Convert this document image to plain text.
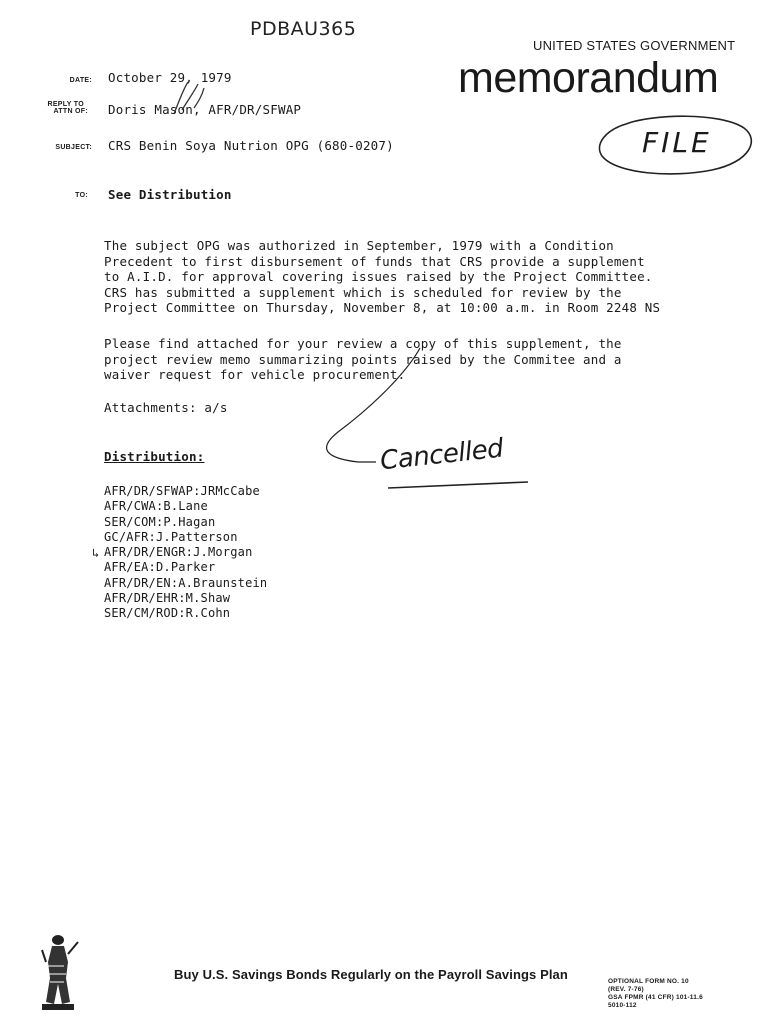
PDBAU365
UNITED STATES GOVERNMENT
memorandum
FILE
DATE:
REPLY TO
ATTN OF:
SUBJECT:
TO:
October 29, 1979
Doris Mason, AFR/DR/SFWAP
CRS Benin Soya Nutrion OPG (680-0207)
See Distribution
The subject OPG was authorized in September, 1979 with a Condition
Precedent to first disbursement of funds that CRS provide a supplement
to A.I.D. for approval covering issues raised by the Project Committee.
CRS has submitted a supplement which is scheduled for review by the
Project Committee on Thursday, November 8, at 10:00 a.m. in Room 2248 NS
Please find attached for your review a copy of this supplement, the
project review memo summarizing points raised by the Commitee and a
waiver request for vehicle procurement.
Attachments: a/s
Distribution:
AFR/DR/SFWAP:JRMcCabe
AFR/CWA:B.Lane
SER/COM:P.Hagan
GC/AFR:J.Patterson
AFR/DR/ENGR:J.Morgan
AFR/EA:D.Parker
AFR/DR/EN:A.Braunstein
AFR/DR/EHR:M.Shaw
SER/CM/ROD:R.Cohn
↳
Cancelled
Buy U.S. Savings Bonds Regularly on the Payroll Savings Plan	OPTIONAL FORM NO. 10
(REV. 7-76)
GSA FPMR (41 CFR) 101-11.6
5010-112
